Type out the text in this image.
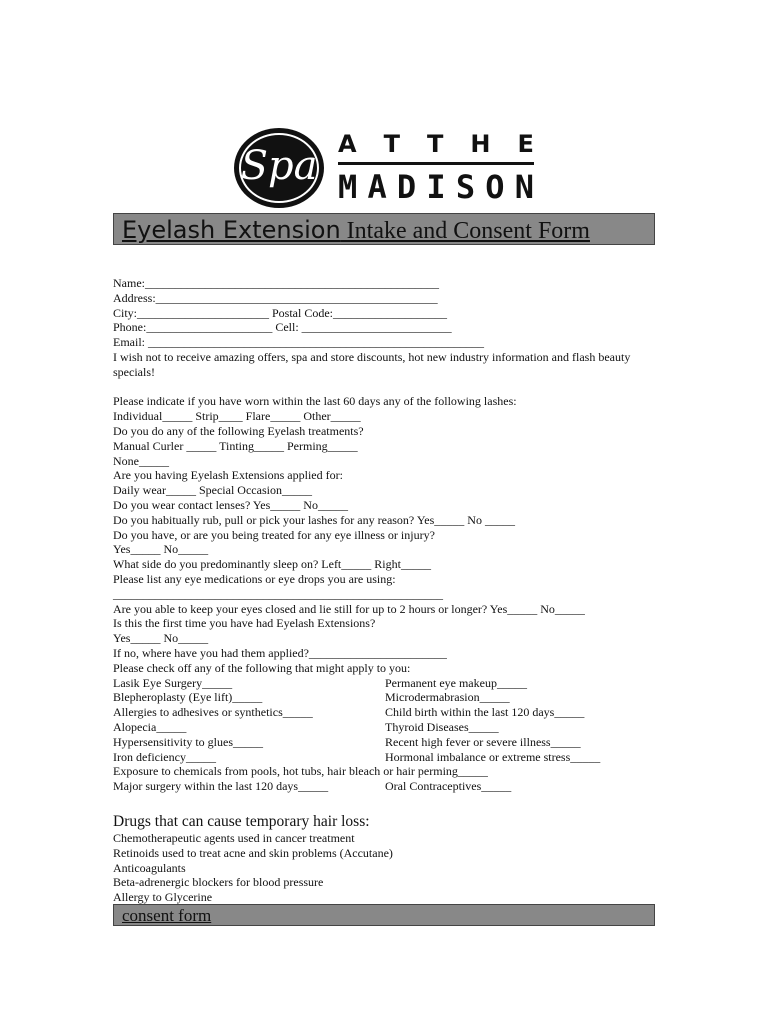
Spa A T T H E
M A D I S O N
Eyelash Extension Intake and Consent Form
Name:_________________________________________________
Address:_______________________________________________
City:______________________ Postal Code:___________________
Phone:_____________________ Cell: _________________________
Email: ________________________________________________________
I wish not to receive amazing offers, spa and store discounts, hot new industry information and flash beauty specials!
Please indicate if you have worn within the last 60 days any of the following lashes:
Individual_____ Strip____ Flare_____ Other_____
Do you do any of the following Eyelash treatments?
Manual Curler _____ Tinting_____ Perming_____
None_____
Are you having Eyelash Extensions applied for:
Daily wear_____ Special Occasion_____
Do you wear contact lenses? Yes_____ No_____
Do you habitually rub, pull or pick your lashes for any reason? Yes_____ No _____
Do you have, or are you being treated for any eye illness or injury?
Yes_____ No_____
What side do you predominantly sleep on? Left_____ Right_____
Please list any eye medications or eye drops you are using:
_______________________________________________________
Are you able to keep your eyes closed and lie still for up to 2 hours or longer? Yes_____ No_____
Is this the first time you have had Eyelash Extensions?
Yes_____ No_____
If no, where have you had them applied?_______________________
Please check off any of the following that might apply to you:
Lasik Eye Surgery_____	Permanent eye makeup_____
Blepheroplasty (Eye lift)_____	Microdermabrasion_____
Allergies to adhesives or synthetics_____	Child birth within the last 120 days_____
Alopecia_____	Thyroid Diseases_____
Hypersensitivity to glues_____	Recent high fever or severe illness_____
Iron deficiency_____	Hormonal imbalance or extreme stress_____
Exposure to chemicals from pools, hot tubs, hair bleach or hair perming_____
Major surgery within the last 120 days_____	Oral Contraceptives_____
Drugs that can cause temporary hair loss:
Chemotherapeutic agents used in cancer treatment
Retinoids used to treat acne and skin problems (Accutane)
Anticoagulants
Beta-adrenergic blockers for blood pressure
Allergy to Glycerine
consent form
